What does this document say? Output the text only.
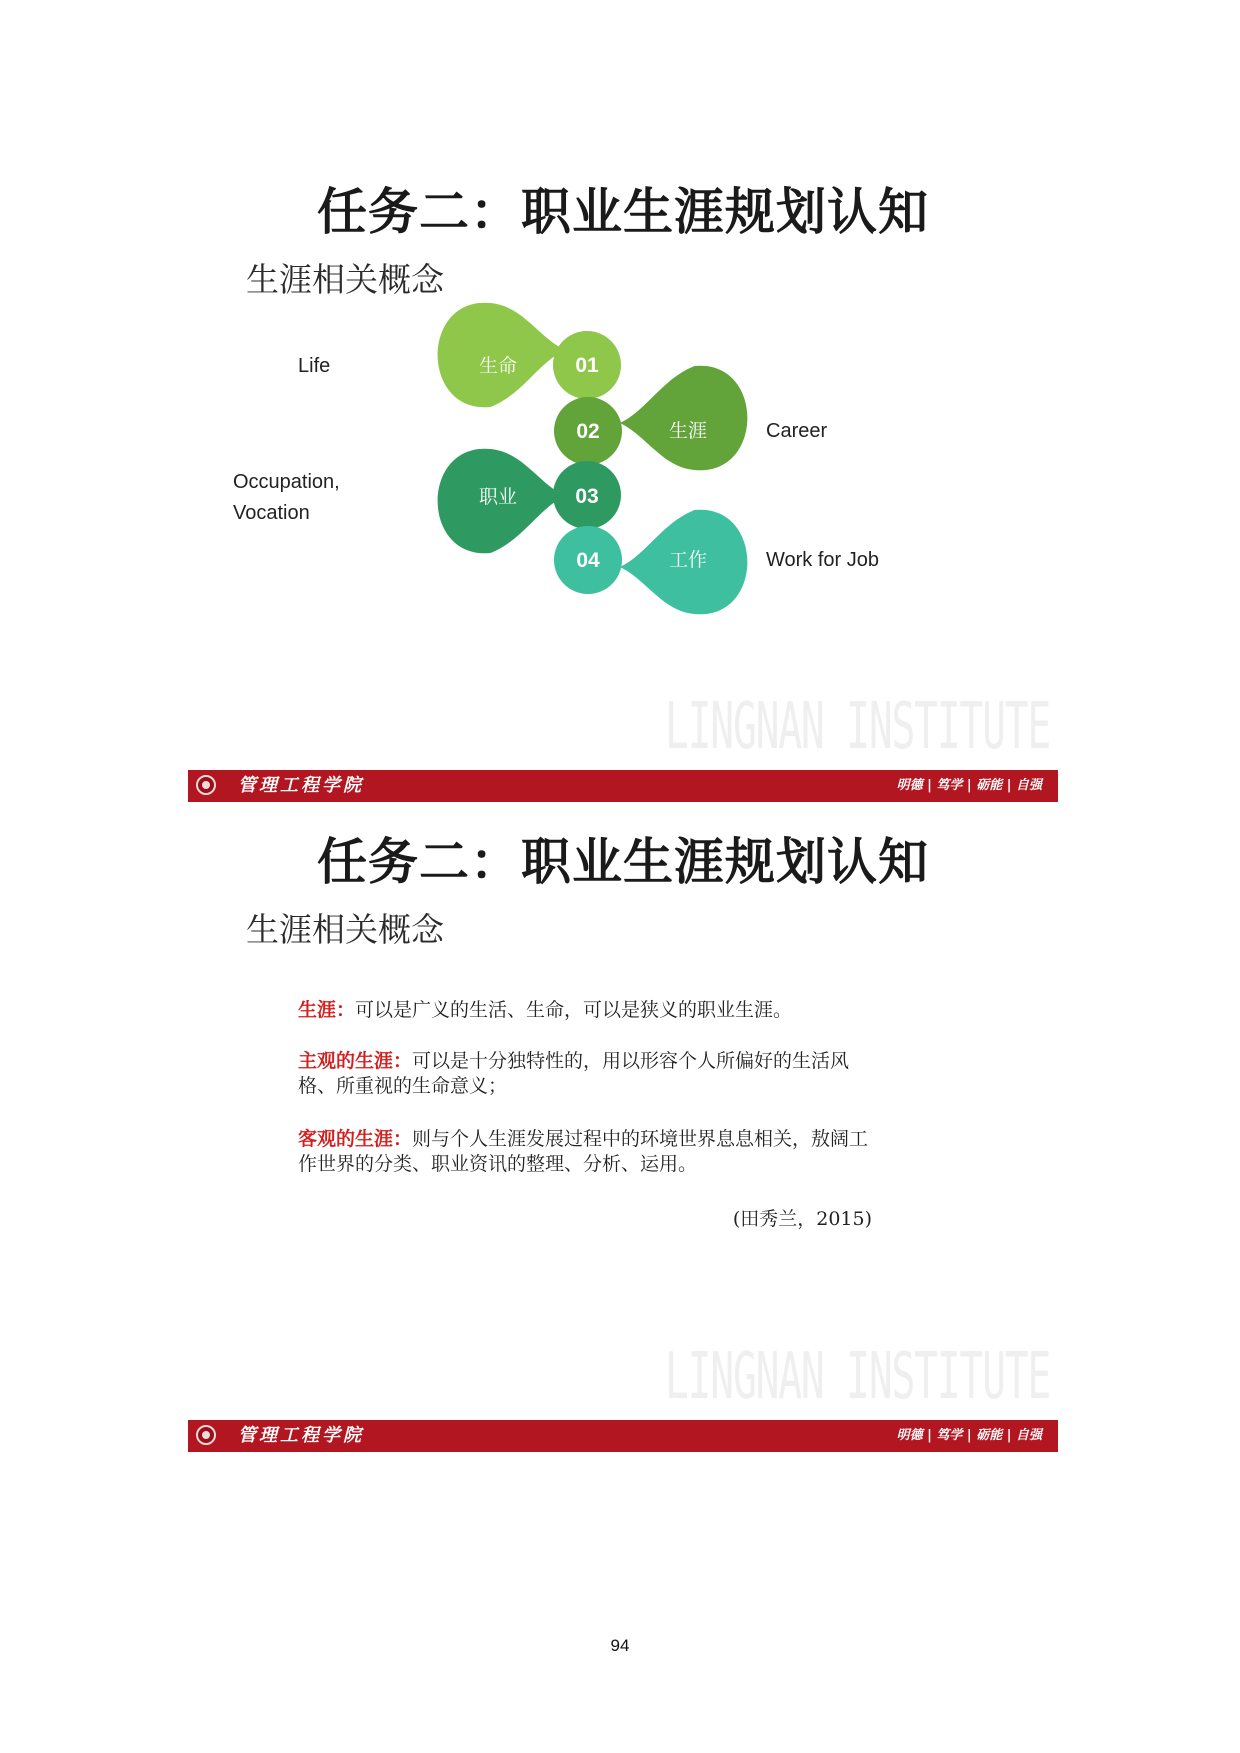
任务二：职业生涯规划认知
生涯相关概念
生命	01
Life
生涯
02	Career
职业	03
Occupation,
Vocation
工作
04	Work for Job
LINGNAN INSTITUTE
管理工程学院	明德 | 笃学 | 砺能 | 自强
任务二：职业生涯规划认知
生涯相关概念
生涯：可以是广义的生活、生命，可以是狭义的职业生涯。
主观的生涯：可以是十分独特性的，用以形容个人所偏好的生活风格、所重视的生命意义；
客观的生涯：则与个人生涯发展过程中的环境世界息息相关，敖阔工作世界的分类、职业资讯的整理、分析、运用。
(田秀兰，2015)
LINGNAN INSTITUTE
管理工程学院	明德 | 笃学 | 砺能 | 自强
94
